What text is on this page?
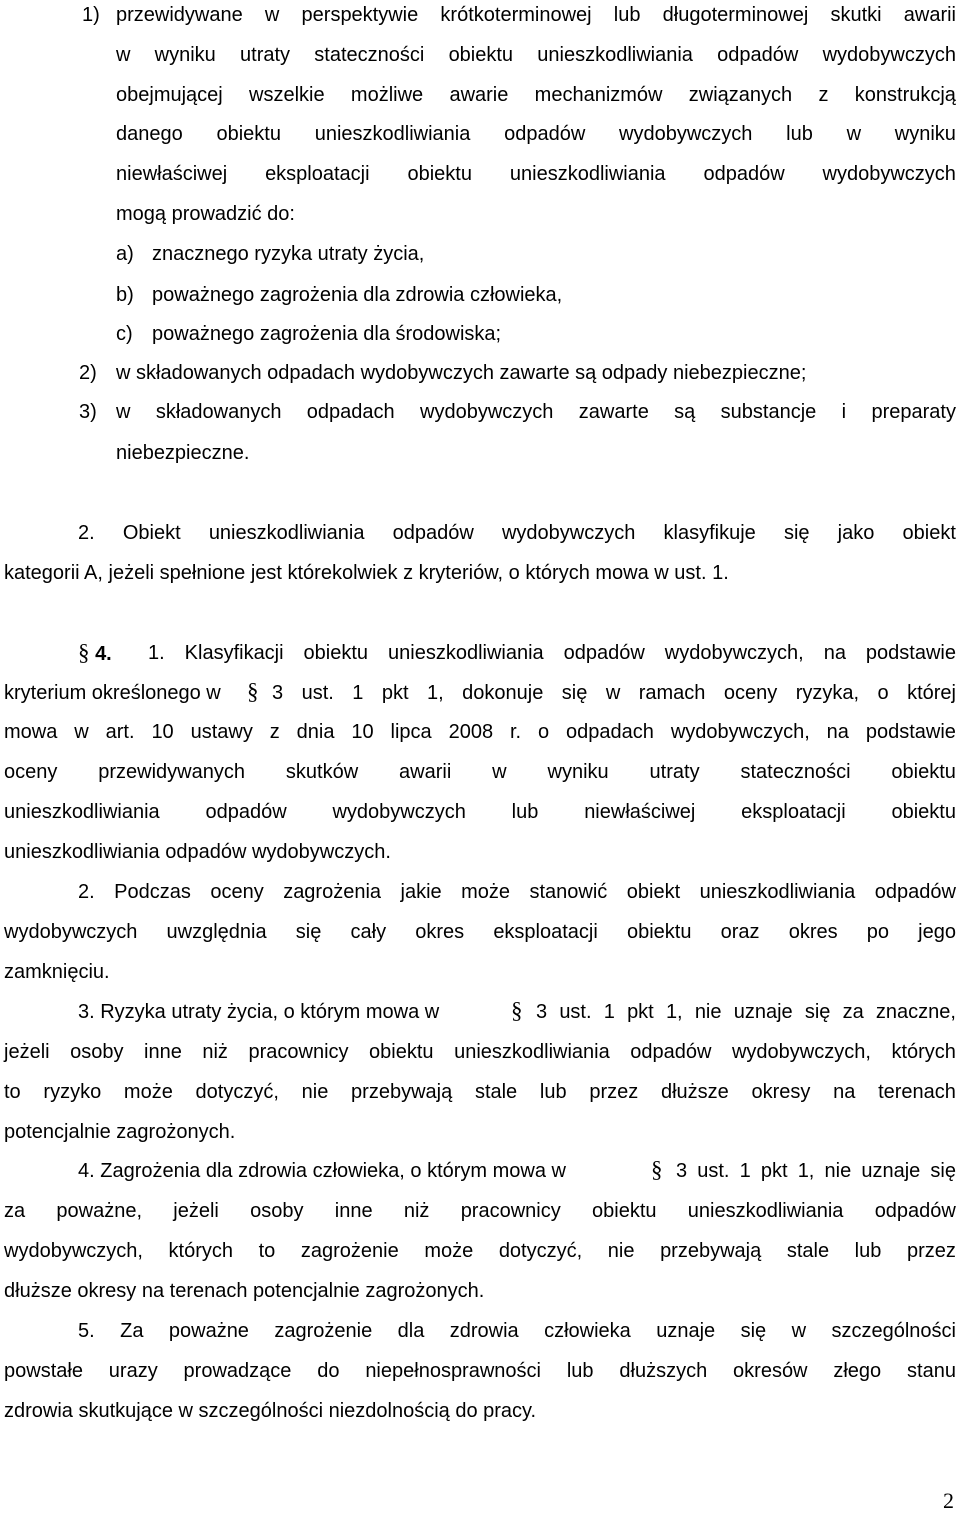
1) przewidywane w perspektywie krótkoterminowej lub długoterminowej skutki awarii
w wyniku utraty stateczności obiektu unieszkodliwiania odpadów wydobywczych
obejmującej wszelkie możliwe awarie mechanizmów związanych z konstrukcją
danego obiektu unieszkodliwiania odpadów wydobywczych lub w wyniku
niewłaściwej eksploatacji obiektu unieszkodliwiania odpadów wydobywczych
mogą prowadzić do:
a) znacznego ryzyka utraty życia,
b) poważnego zagrożenia dla zdrowia człowieka,
c) poważnego zagrożenia dla środowiska;
2) w składowanych odpadach wydobywczych zawarte są odpady niebezpieczne;
3) w składowanych odpadach wydobywczych zawarte są substancje i preparaty
niebezpieczne.
2. Obiekt unieszkodliwiania odpadów wydobywczych klasyfikuje się jako obiekt
kategorii A, jeżeli spełnione jest którekolwiek z kryteriów, o których mowa w ust. 1.
§ 4. 1. Klasyfikacji obiektu unieszkodliwiania odpadów wydobywczych, na podstawie
kryterium określonego w § 3 ust. 1 pkt 1, dokonuje się w ramach oceny ryzyka, o której
mowa w art. 10 ustawy z dnia 10 lipca 2008 r. o odpadach wydobywczych, na podstawie
oceny przewidywanych skutków awarii w wyniku utraty stateczności obiektu
unieszkodliwiania odpadów wydobywczych lub niewłaściwej eksploatacji obiektu
unieszkodliwiania odpadów wydobywczych.
2. Podczas oceny zagrożenia jakie może stanowić obiekt unieszkodliwiania odpadów
wydobywczych uwzględnia się cały okres eksploatacji obiektu oraz okres po jego
zamknięciu.
3. Ryzyka utraty życia, o którym mowa w	§ 3 ust. 1 pkt 1, nie uznaje się za znaczne,
jeżeli osoby inne niż pracownicy obiektu unieszkodliwiania odpadów wydobywczych, których
to ryzyko może dotyczyć, nie przebywają stale lub przez dłuższe okresy na terenach
potencjalnie zagrożonych.
4. Zagrożenia dla zdrowia człowieka, o którym mowa w	§ 3 ust. 1 pkt 1, nie uznaje się
za poważne, jeżeli osoby inne niż pracownicy obiektu unieszkodliwiania odpadów
wydobywczych, których to zagrożenie może dotyczyć, nie przebywają stale lub przez
dłuższe okresy na terenach potencjalnie zagrożonych.
5. Za poważne zagrożenie dla zdrowia człowieka uznaje się w szczególności
powstałe urazy prowadzące do niepełnosprawności lub dłuższych okresów złego stanu
zdrowia skutkujące w szczególności niezdolnością do pracy.
2
